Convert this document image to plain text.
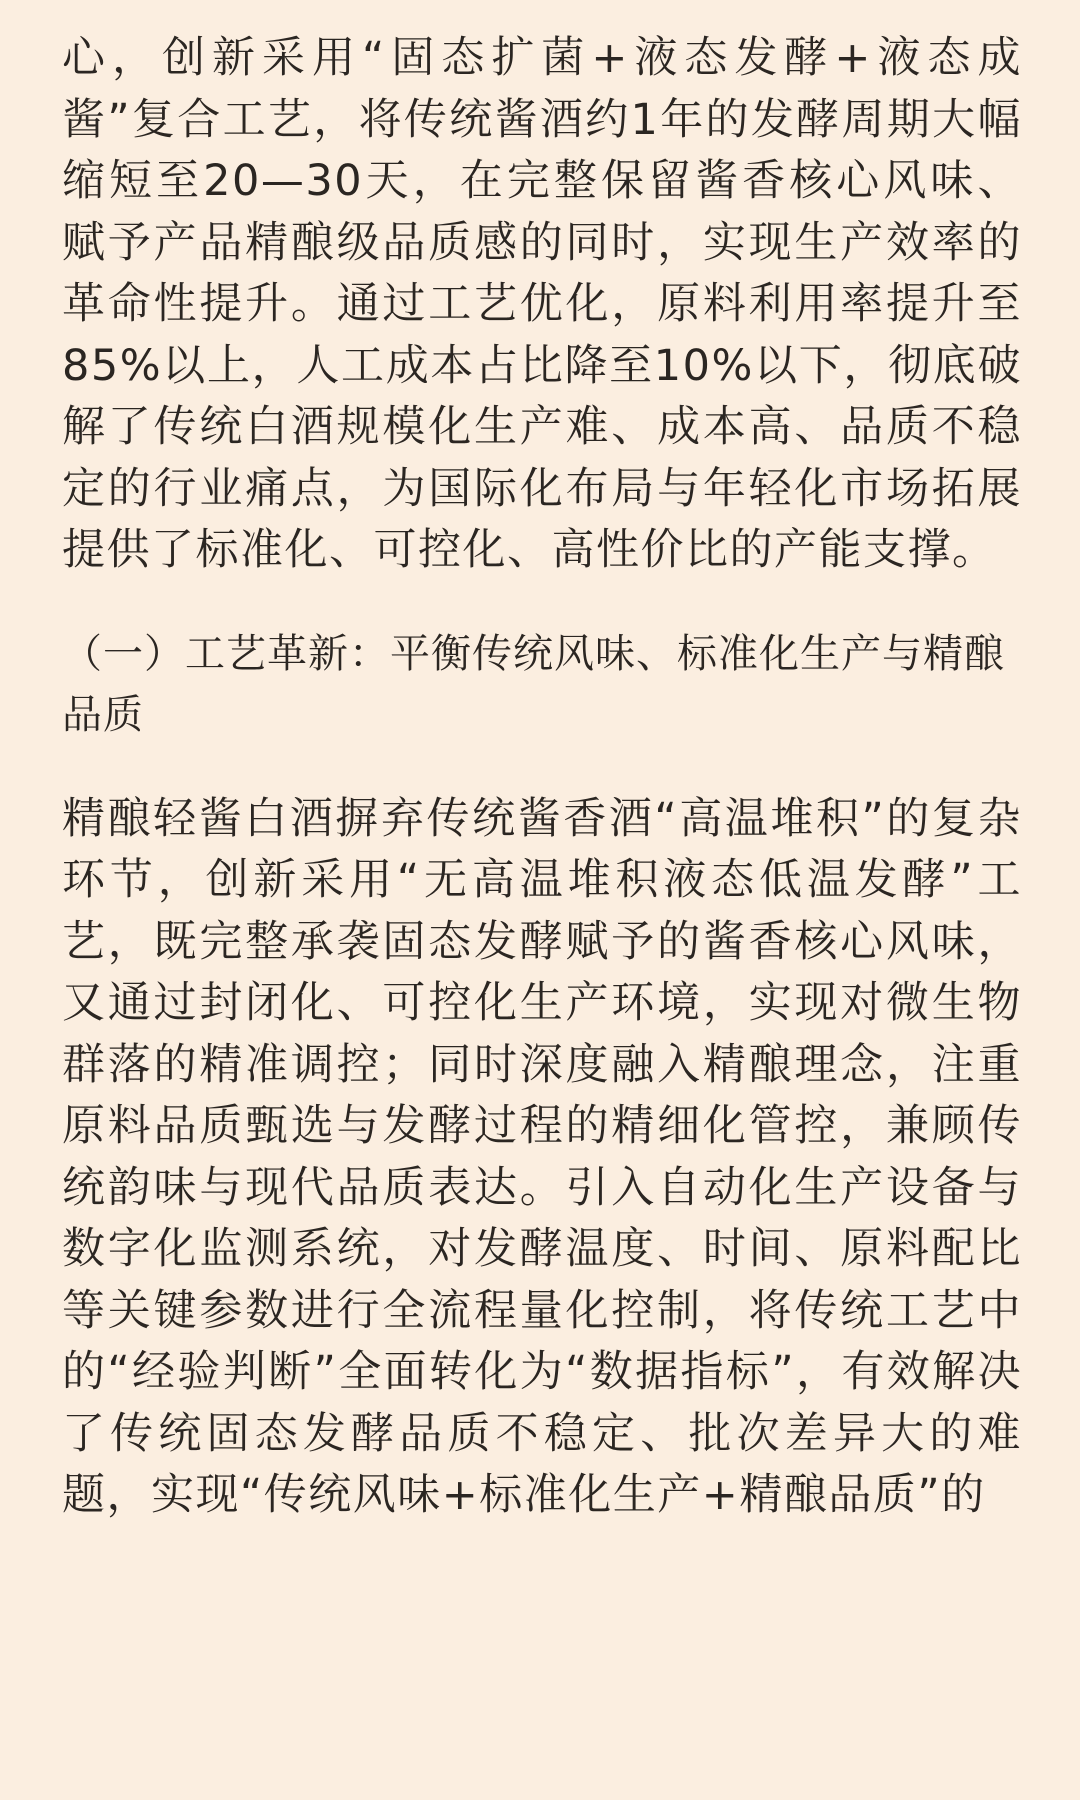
心，创新采用“固态扩菌+液态发酵+液态成酱”复合工艺，将传统酱酒约1年的发酵周期大幅缩短至20—30天，在完整保留酱香核心风味、赋予产品精酿级品质感的同时，实现生产效率的革命性提升。通过工艺优化，原料利用率提升至85%以上，人工成本占比降至10%以下，彻底破解了传统白酒规模化生产难、成本高、品质不稳定的行业痛点，为国际化布局与年轻化市场拓展提供了标准化、可控化、高性价比的产能支撑。

（一）工艺革新：平衡传统风味、标准化生产与精酿品质

精酿轻酱白酒摒弃传统酱香酒“高温堆积”的复杂环节，创新采用“无高温堆积液态低温发酵”工艺，既完整承袭固态发酵赋予的酱香核心风味，又通过封闭化、可控化生产环境，实现对微生物群落的精准调控；同时深度融入精酿理念，注重原料品质甄选与发酵过程的精细化管控，兼顾传统韵味与现代品质表达。引入自动化生产设备与数字化监测系统，对发酵温度、时间、原料配比等关键参数进行全流程量化控制，将传统工艺中的“经验判断”全面转化为“数据指标”，有效解决了传统固态发酵品质不稳定、批次差异大的难题，实现“传统风味+标准化生产+精酿品质”的
